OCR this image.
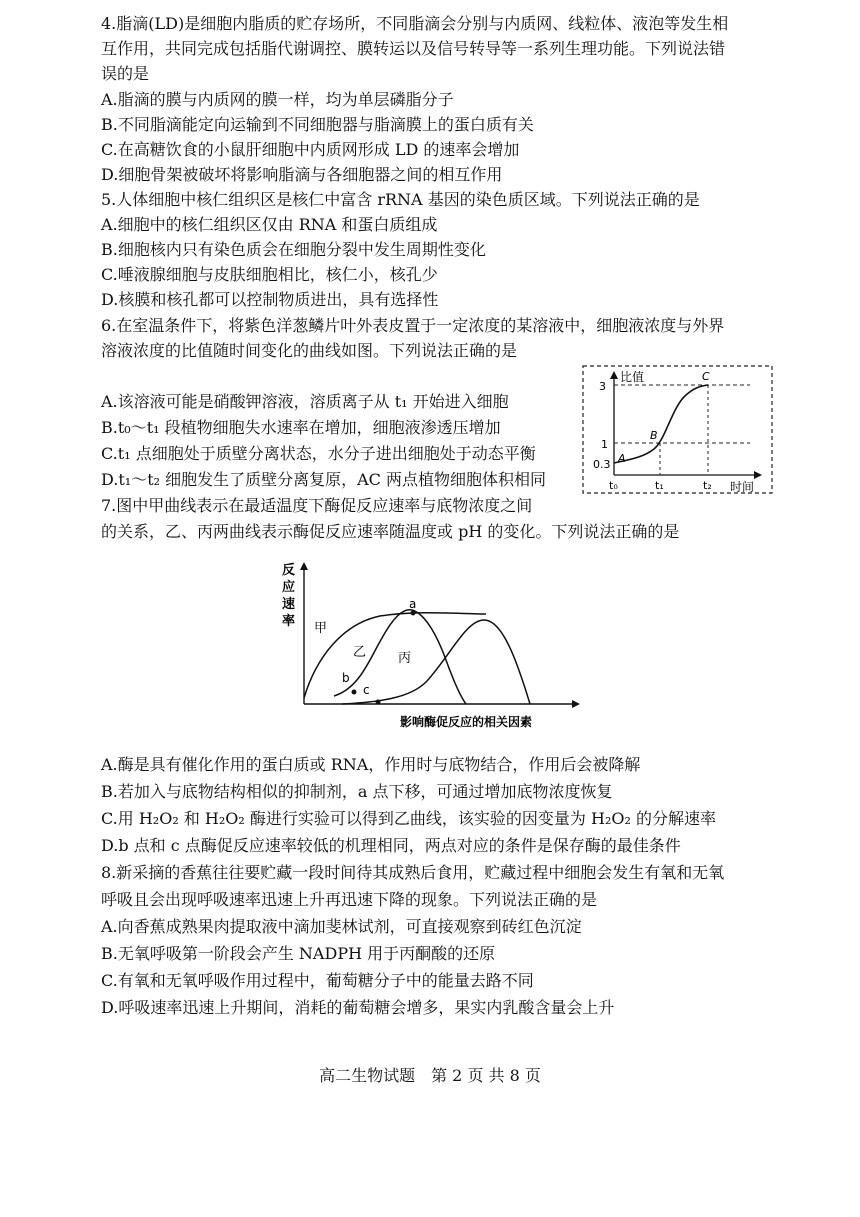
4.脂滴(LD)是细胞内脂质的贮存场所，不同脂滴会分别与内质网、线粒体、液泡等发生相
互作用，共同完成包括脂代谢调控、膜转运以及信号转导等一系列生理功能。下列说法错
误的是
A.脂滴的膜与内质网的膜一样，均为单层磷脂分子
B.不同脂滴能定向运输到不同细胞器与脂滴膜上的蛋白质有关
C.在高糖饮食的小鼠肝细胞中内质网形成 LD 的速率会增加
D.细胞骨架被破坏将影响脂滴与各细胞器之间的相互作用
5.人体细胞中核仁组织区是核仁中富含 rRNA 基因的染色质区域。下列说法正确的是
A.细胞中的核仁组织区仅由 RNA 和蛋白质组成
B.细胞核内只有染色质会在细胞分裂中发生周期性变化
C.唾液腺细胞与皮肤细胞相比，核仁小，核孔少
D.核膜和核孔都可以控制物质进出，具有选择性
6.在室温条件下，将紫色洋葱鳞片叶外表皮置于一定浓度的某溶液中，细胞液浓度与外界
溶液浓度的比值随时间变化的曲线如图。下列说法正确的是
A.该溶液可能是硝酸钾溶液，溶质离子从 t₁ 开始进入细胞
B.t₀～t₁ 段植物细胞失水速率在增加，细胞液渗透压增加
C.t₁ 点细胞处于质壁分离状态，水分子进出细胞处于动态平衡
D.t₁～t₂ 细胞发生了质壁分离复原，AC 两点植物细胞体积相同
比值
3
1
0.3
t₀	t₁	t₂ 时间
A
B
C
7.图中甲曲线表示在最适温度下酶促反应速率与底物浓度之间
的关系，乙、丙两曲线表示酶促反应速率随温度或 pH 的变化。下列说法正确的是
反
应
速
率
a
b
c
甲
乙 丙
影响酶促反应的相关因素
A.酶是具有催化作用的蛋白质或 RNA，作用时与底物结合，作用后会被降解
B.若加入与底物结构相似的抑制剂，a 点下移，可通过增加底物浓度恢复
C.用 H₂O₂ 和 H₂O₂ 酶进行实验可以得到乙曲线，该实验的因变量为 H₂O₂ 的分解速率
D.b 点和 c 点酶促反应速率较低的机理相同，两点对应的条件是保存酶的最佳条件
8.新采摘的香蕉往往要贮藏一段时间待其成熟后食用，贮藏过程中细胞会发生有氧和无氧
呼吸且会出现呼吸速率迅速上升再迅速下降的现象。下列说法正确的是
A.向香蕉成熟果肉提取液中滴加斐林试剂，可直接观察到砖红色沉淀
B.无氧呼吸第一阶段会产生 NADPH 用于丙酮酸的还原
C.有氧和无氧呼吸作用过程中，葡萄糖分子中的能量去路不同
D.呼吸速率迅速上升期间，消耗的葡萄糖会增多，果实内乳酸含量会上升
高二生物试题　第 2 页 共 8 页
